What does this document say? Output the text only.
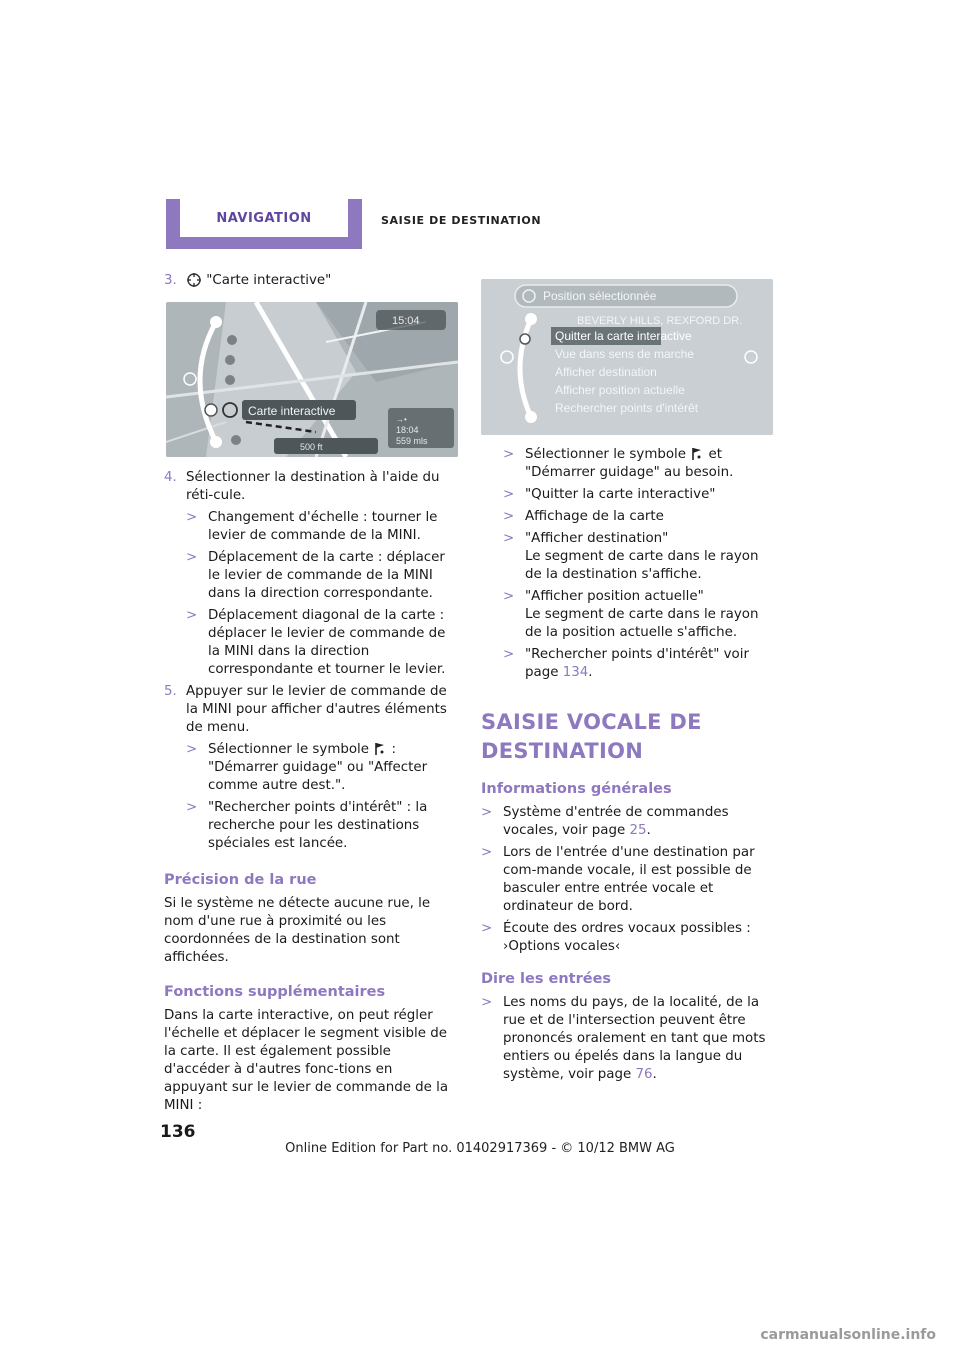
NAVIGATION	SAISIE DE DESTINATION
3.	"Carte interactive"
15:04
Carte interactive
→•
18:04
559 mls
500 ft
4. Sélectionner la destination à l'aide du réti-cule.
> Changement d'échelle : tourner le levier de commande de la MINI.
> Déplacement de la carte : déplacer le levier de commande de la MINI dans la direction correspondante.
> Déplacement diagonal de la carte : déplacer le levier de commande de la MINI dans la direction correspondante et tourner le levier.
5. Appuyer sur le levier de commande de la MINI pour afficher d'autres éléments de menu.
> Sélectionner le symbole : "Démarrer guidage" ou "Affecter comme autre dest.".
> "Rechercher points d'intérêt" : la recherche pour les destinations spéciales est lancée.
Précision de la rue
Si le système ne détecte aucune rue, le nom d'une rue à proximité ou les coordonnées de la destination sont affichées.
Fonctions supplémentaires
Dans la carte interactive, on peut régler l'échelle et déplacer le segment visible de la carte. Il est également possible d'accéder à d'autres fonc-tions en appuyant sur le levier de commande de la MINI :
Position sélectionnée
BEVERLY HILLS, REXFORD DR.
Quitter la carte interactive
Vue dans sens de marche
Afficher destination
Afficher position actuelle
Rechercher points d'intérêt
> Sélectionner le symbole et "Démarrer guidage" au besoin.
> "Quitter la carte interactive"
> Affichage de la carte
> "Afficher destination"
Le segment de carte dans le rayon de la destination s'affiche.
> "Afficher position actuelle"
Le segment de carte dans le rayon de la position actuelle s'affiche.
> "Rechercher points d'intérêt" voir page 134.
SAISIE VOCALE DE
DESTINATION
Informations générales
> Système d'entrée de commandes vocales, voir page 25.
> Lors de l'entrée d'une destination par com-mande vocale, il est possible de basculer entre entrée vocale et ordinateur de bord.
> Écoute des ordres vocaux possibles :
›Options vocales‹
Dire les entrées
> Les noms du pays, de la localité, de la rue et de l'intersection peuvent être prononcés oralement en tant que mots entiers ou épelés dans la langue du système, voir page 76.
136
Online Edition for Part no. 01402917369 - © 10/12 BMW AG
carmanualsonline.info
